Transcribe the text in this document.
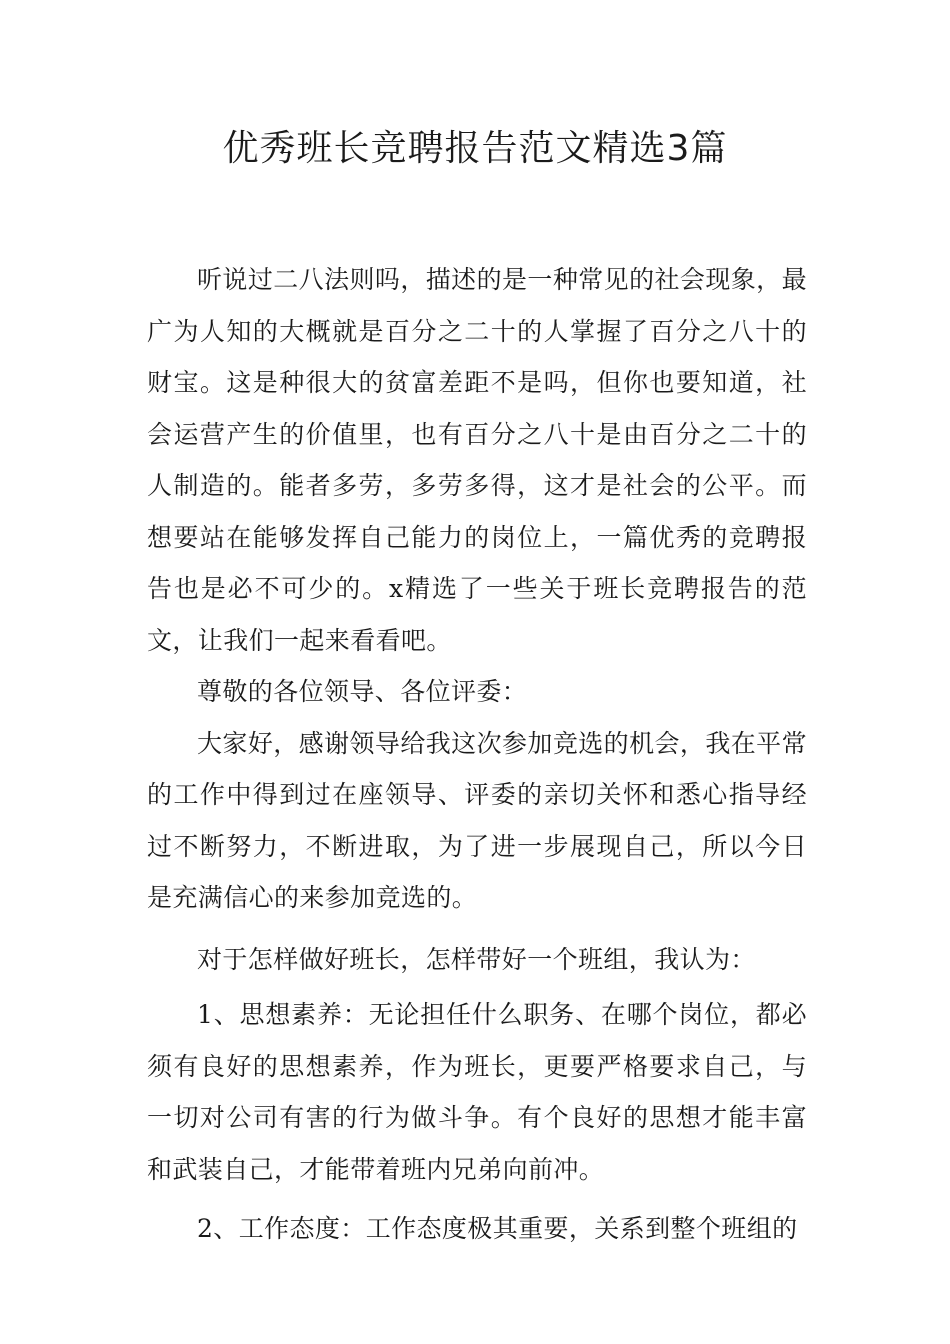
优秀班长竞聘报告范文精选3篇

听说过二八法则吗，描述的是一种常见的社会现象，最广为人知的大概就是百分之二十的人掌握了百分之八十的财宝。这是种很大的贫富差距不是吗，但你也要知道，社会运营产生的价值里，也有百分之八十是由百分之二十的人制造的。能者多劳，多劳多得，这才是社会的公平。而想要站在能够发挥自己能力的岗位上，一篇优秀的竞聘报告也是必不可少的。x精选了一些关于班长竞聘报告的范文，让我们一起来看看吧。

尊敬的各位领导、各位评委：

大家好，感谢领导给我这次参加竞选的机会，我在平常的工作中得到过在座领导、评委的亲切关怀和悉心指导经过不断努力，不断进取，为了进一步展现自己，所以今日是充满信心的来参加竞选的。

对于怎样做好班长，怎样带好一个班组，我认为：

1、思想素养：无论担任什么职务、在哪个岗位，都必须有良好的思想素养，作为班长，更要严格要求自己，与一切对公司有害的行为做斗争。有个良好的思想才能丰富和武装自己，才能带着班内兄弟向前冲。

2、工作态度：工作态度极其重要，关系到整个班组的
